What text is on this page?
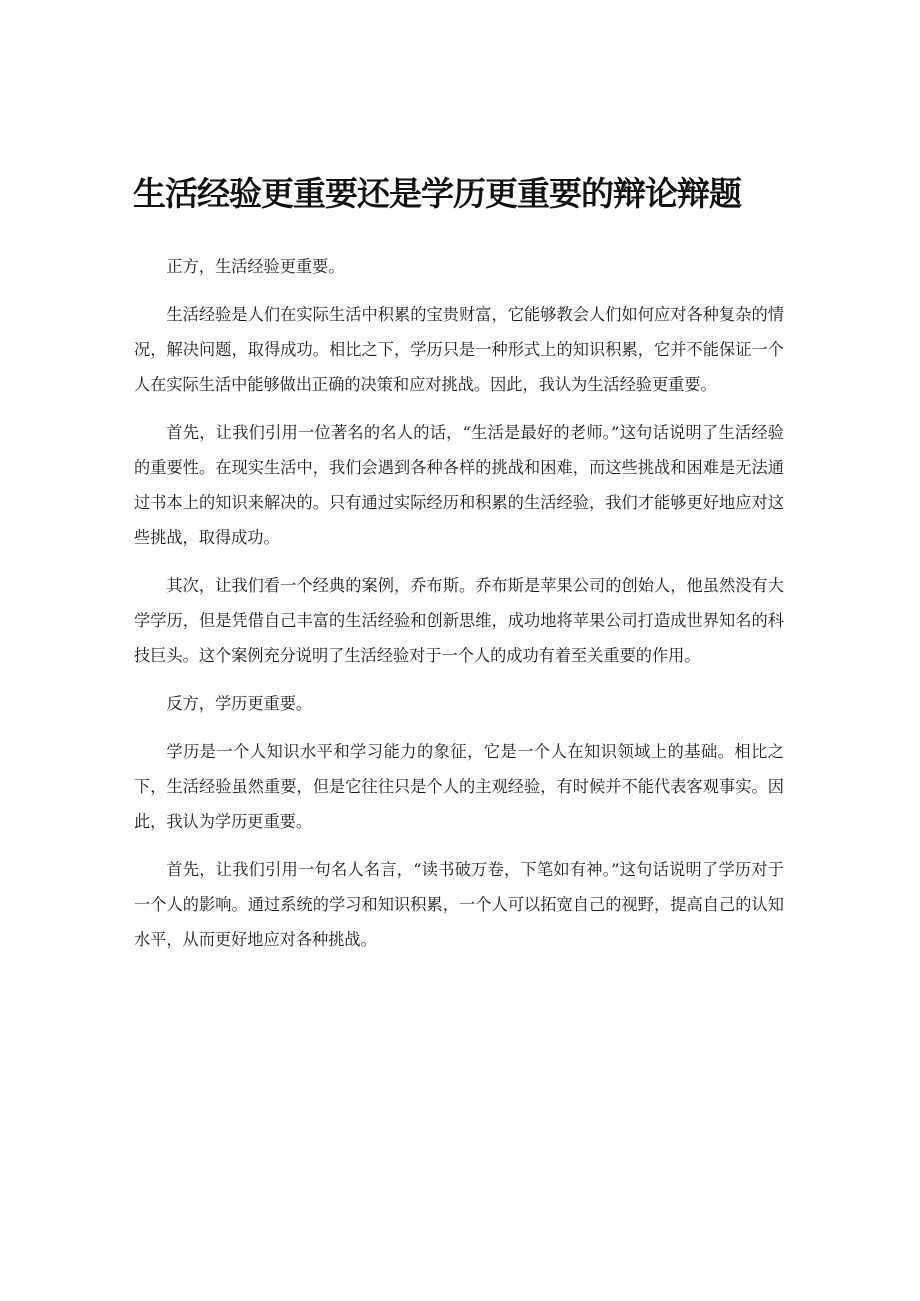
生活经验更重要还是学历更重要的辩论辩题

正方，生活经验更重要。

生活经验是人们在实际生活中积累的宝贵财富，它能够教会人们如何应对各种复杂的情况，解决问题，取得成功。相比之下，学历只是一种形式上的知识积累，它并不能保证一个人在实际生活中能够做出正确的决策和应对挑战。因此，我认为生活经验更重要。

首先，让我们引用一位著名的名人的话，“生活是最好的老师。”这句话说明了生活经验的重要性。在现实生活中，我们会遇到各种各样的挑战和困难，而这些挑战和困难是无法通过书本上的知识来解决的。只有通过实际经历和积累的生活经验，我们才能够更好地应对这些挑战，取得成功。

其次，让我们看一个经典的案例，乔布斯。乔布斯是苹果公司的创始人，他虽然没有大学学历，但是凭借自己丰富的生活经验和创新思维，成功地将苹果公司打造成世界知名的科技巨头。这个案例充分说明了生活经验对于一个人的成功有着至关重要的作用。

反方，学历更重要。

学历是一个人知识水平和学习能力的象征，它是一个人在知识领域上的基础。相比之下，生活经验虽然重要，但是它往往只是个人的主观经验，有时候并不能代表客观事实。因此，我认为学历更重要。

首先，让我们引用一句名人名言，“读书破万卷，下笔如有神。”这句话说明了学历对于一个人的影响。通过系统的学习和知识积累，一个人可以拓宽自己的视野，提高自己的认知水平，从而更好地应对各种挑战。
